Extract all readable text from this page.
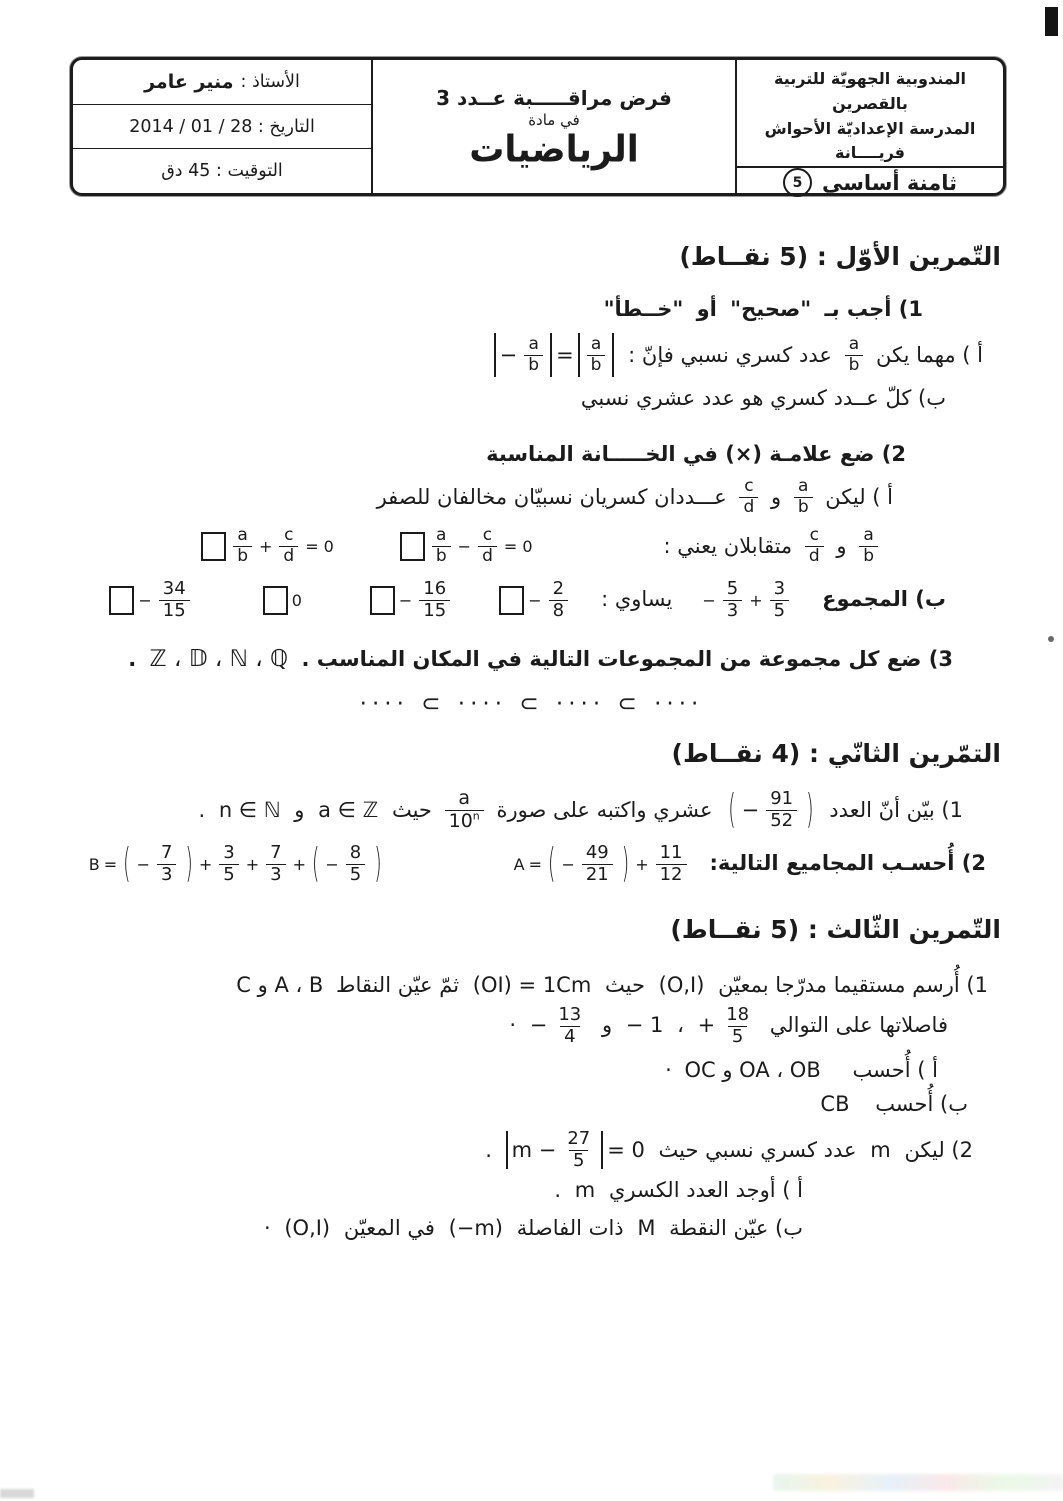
المندوبية الجهويّة للتربية بالقصرين
المدرسة الإعداديّة الأحواش
فريــــانة
ثامنة أساسي
5
فرض مراقـــــبة عــدد 3
في مادة
الرياضيات
الأستاذ :
منير عامر
التاريخ : 28 / 01 / 2014
التوقيت : 45 دق
التّمرين الأوّل : (5 نقــاط)
1) أجب بـ "صحيح" أو "خــطأ"
أ ) مهما يكن
$\frac{a}{b}$
عدد كسري نسبي فإنّ :
− $\frac{a}{b} = a$
b
ب) كلّ عــدد كسري هو عدد عشري نسبي
2) ضع علامـة (×) في الخـــــانة المناسبة
أ ) ليكن
$\frac{a}{b}$
و
$\frac{c}{d}$
عـــددان كسريان نسبيّان مخالفان للصفر
$\frac{a}{b}$
و
$\frac{c}{d}$
متقابلان يعني :
a
$b - \frac{c}{d} = 0$
a
$b + \frac{c}{d} = 0$
ب) المجموع
− $\frac{5}{3} + \frac{3}{5}$
يساوي :
− $\frac{2}{8}$
− $\frac{16}{15}$
0
− $\frac{34}{15}$
3) ضع كل مجموعة من المجموعات التالية في المكان المناسب . ℤ ، 𝔻 ، ℕ ، ℚ .
···· ⊂ ···· ⊂ ···· ⊂ ····
التمّرين الثانّي : (4 نقــاط)
1) بيّن أنّ العدد
( − $\frac{91}{52}$ )
عشري واكتبه على صورة
$\frac{a}{10^n}$
حيث a ∈ ℤ و n ∈ ℕ .
2) أُحسـب المجاميع التالية:
A = ( − $\frac{49}{21}$ ) + $\frac{11}{12}$
B = ( − $\frac{7}{3}$ ) + $\frac{3}{5} + \frac{7}{3}$ + ( − $\frac{8}{5}$ )
التّمرين الثّالث : (5 نقــاط)
1) أُرسم مستقيما مدرّجا بمعيّن (O,I) حيث (OI) = 1Cm ثمّ عيّن النقاط A ، B و C
فاصلاتها على التوالي
+ $\frac{18}{5}$
، − 1 و
− $\frac{13}{4}$
·
أ ) أُحسب OA ، OB و OC ·
ب) أُحسب CB
2) ليكن m عدد كسري نسبي حيث
$m - \frac{27}{5} = 0$
.
أ ) أوجد العدد الكسري m .
ب) عيّن النقطة M ذات الفاصلة (−m) في المعيّن (O,I) ·
